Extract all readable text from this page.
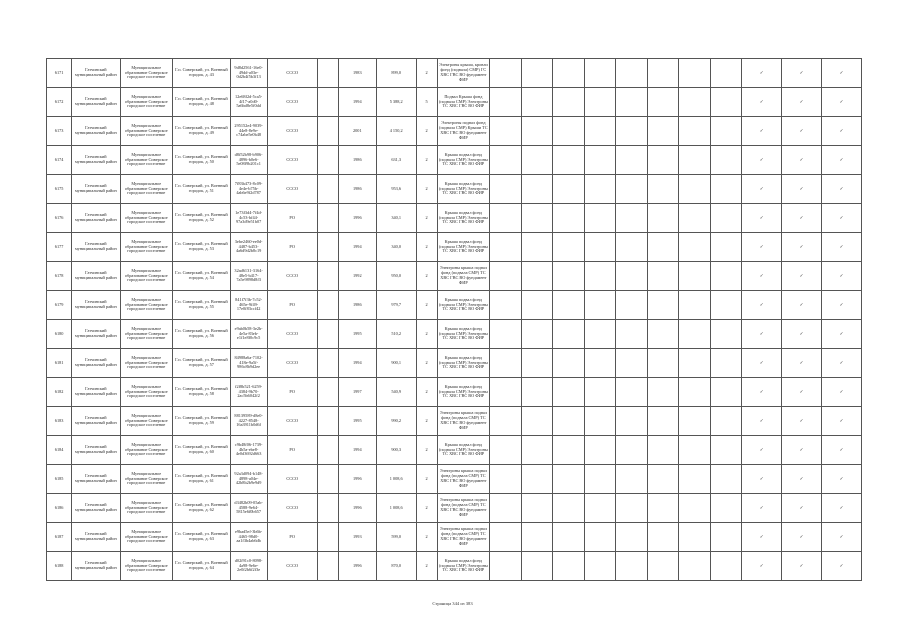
6171	Гатчинский муниципальный район	Муниципальное образование Сиверское городское поселение	Г.п. Сиверский, ул. Военный городок, д. 43	9d8d2561-16e0-49dd-a03e-0d2b4f5b3f13	СССО		1983	899,0	2	Электроны крыша, кровли фонд (подвала) СМР) ГС ХВС ГВС ВО фундамент ФИР									✓	✓	✓
6172	Гатчинский муниципальный район	Муниципальное образование Сиверское городское поселение	Г.п. Сиверский, ул. Военный городок, д. 48	12e68f2d-5ca5-4f17-a0d0-5a6bd8e5f0dd	СССО		1994	5 388,2	5	Подвал Крыша фонд (подвала СМР) Электроны ТС ХВС ГВС ВО ФИР									✓	✓	✓
6173	Гатчинский муниципальный район	Муниципальное образование Сиверское городское поселение	Г.п. Сиверский, ул. Военный городок, д. 49	295152e4-9039-44e8-8e9e-c74abe5e0b48	СССО		2001	4 150,2	2	Электроны подвал фонд (подвала СМР) Крыши ТС ХВС ГВС ВО фундамент ФИР									✓	✓	✓
6174	Гатчинский муниципальный район	Муниципальное образование Сиверское городское поселение	Г.п. Сиверский, ул. Военный городок, д. 50	d8f52b98-b906-4896-b0e6-5e08f9b201c1	СССО		1986	631,3	2	Крыша подвал фонд (подвала СМР) Электроны ТС ХВС ГВС ВО ФИР									✓	✓	✓
6175	Гатчинский муниципальный район	Муниципальное образование Сиверское городское поселение	Г.п. Сиверский, ул. Военный городок, д. 51	7f83b473-8c09-4e4e-b75b-4ab6e9f2d787	СССО		1986	953,6	2	Крыша подвал фонд (подвала СМР) Электроны ТС ХВС ГВС ВО ФИР									✓	✓	✓
6176	Гатчинский муниципальный район	Муниципальное образование Сиверское городское поселение	Г.п. Сиверский, ул. Военный городок, д. 52	1e73f3d4-7f4d-4c53-bf44-97a3d9e51b07	РО		1996	340,1	2	Крыша подвал фонд (подвала СМР) Электроны ТС ХВС ГВС ВО ФИР									✓	✓	✓
6177	Гатчинский муниципальный район	Муниципальное образование Сиверское городское поселение	Г.п. Сиверский, ул. Военный городок, д. 53	3ebe2460-ee0d-4487-b453-4a6d9d2b8c19	РО		1994	340,0	2	Крыша подвал фонд (подвала СМР) Электроны ТС ХВС ГВС ВО ФИР									✓	✓	✓
6178	Гатчинский муниципальный район	Муниципальное образование Сиверское городское поселение	Г.п. Сиверский, ул. Военный городок, д. 54	32ad6131-3164-48e5-b417-7a5e9898d8f3	СССО		1992	950,0	2	Электроны крыша подвал фонд (подвала СМР) ТС ХВС ГВС ВО фундамент ФИР									✓	✓	✓
6179	Гатчинский муниципальный район	Муниципальное образование Сиверское городское поселение	Г.п. Сиверский, ул. Военный городок, д. 55	841f7f3b-7c52-465e-9f49-17e0f83ccf42	РО		1986	979,7	2	Крыша подвал фонд (подвала СМР) Электроны ТС ХВС ГВС ВО ФИР									✓	✓	✓
6180	Гатчинский муниципальный район	Муниципальное образование Сиверское городское поселение	Г.п. Сиверский, ул. Военный городок, д. 56	e9ab0b58-3e2b-4e5a-83eb-e1f1e8f0c9c5	СССО		1995	510,2	2	Крыша подвал фонд (подвала СМР) Электроны ТС ХВС ГВС ВО ФИР									✓	✓	✓
6181	Гатчинский муниципальный район	Муниципальное образование Сиверское городское поселение	Г.п. Сиверский, ул. Военный городок, д. 57	84988a6a-7102-418e-9a5f-986c8b9d2ee	СССО		1994	900,1	2	Крыша подвал фонд (подвала СМР) Электроны ТС ХВС ГВС ВО ФИР									✓	✓	✓
6182	Гатчинский муниципальный район	Муниципальное образование Сиверское городское поселение	Г.п. Сиверский, ул. Военный городок, д. 58	f2f8b521-6259-4384-9b70-2ac5b6042f2	РО		1997	540,9	2	Крыша подвал фонд (подвала СМР) Электроны ТС ХВС ГВС ВО ФИР									✓	✓	✓
6183	Гатчинский муниципальный район	Муниципальное образование Сиверское городское поселение	Г.п. Сиверский, ул. Военный городок, д. 59	88139589-d8e0-4227-8548-16a3911b0d6f	СССО		1995	990,2	2	Электроны крыша подвал фонд (подвала СМР) ТС ХВС ГВС ВО фундамент ФИР									✓	✓	✓
6184	Гатчинский муниципальный район	Муниципальное образование Сиверское городское поселение	Г.п. Сиверский, ул. Военный городок, д. 60	c9b48f06-1739-4b5a-ebe8-4e0d3692d663	РО		1994	900,3	2	Крыша подвал фонд (подвала СМР) Электроны ТС ХВС ГВС ВО ФИР									✓	✓	✓
6185	Гатчинский муниципальный район	Муниципальное образование Сиверское городское поселение	Г.п. Сиверский, ул. Военный городок, д. 61	92a3d094-b148-4898-a04e-42b8b2b9e9d9	СССО		1996	1 008,6	2	Электроны крыша подвал фонд (подвала СМР) ТС ХВС ГВС ВО фундамент ФИР									✓	✓	✓
6186	Гатчинский муниципальный район	Муниципальное образование Сиверское городское поселение	Г.п. Сиверский, ул. Военный городок, д. 62	d3482b09-05ab-4588-9e64-5815e6f0b657	СССО		1996	1 008,6	2	Электроны крыша подвал фонд (подвала СМР) ТС ХВС ГВС ВО фундамент ФИР									✓	✓	✓
6187	Гатчинский муниципальный район	Муниципальное образование Сиверское городское поселение	Г.п. Сиверский, ул. Военный городок, д. 63	e9bad5ef-3b6b-4465-98d0-aa1f3b4ab6db	РО		1993	599,0	2	Электроны крыша подвал фонд (подвала СМР) ТС ХВС ГВС ВО фундамент ФИР									✓	✓	✓
6188	Гатчинский муниципальный район	Муниципальное образование Сиверское городское поселение	Г.п. Сиверский, ул. Военный городок, д. 64	d02f91c0-8098-4a98-9e6e-2e0f2b6f2f3e	СССО		1996	870,0	2	Крыша подвал фонд (подвала СМР) Электроны ТС ХВС ГВС ВО ФИР									✓	✓	✓
Страница 344 из 383
